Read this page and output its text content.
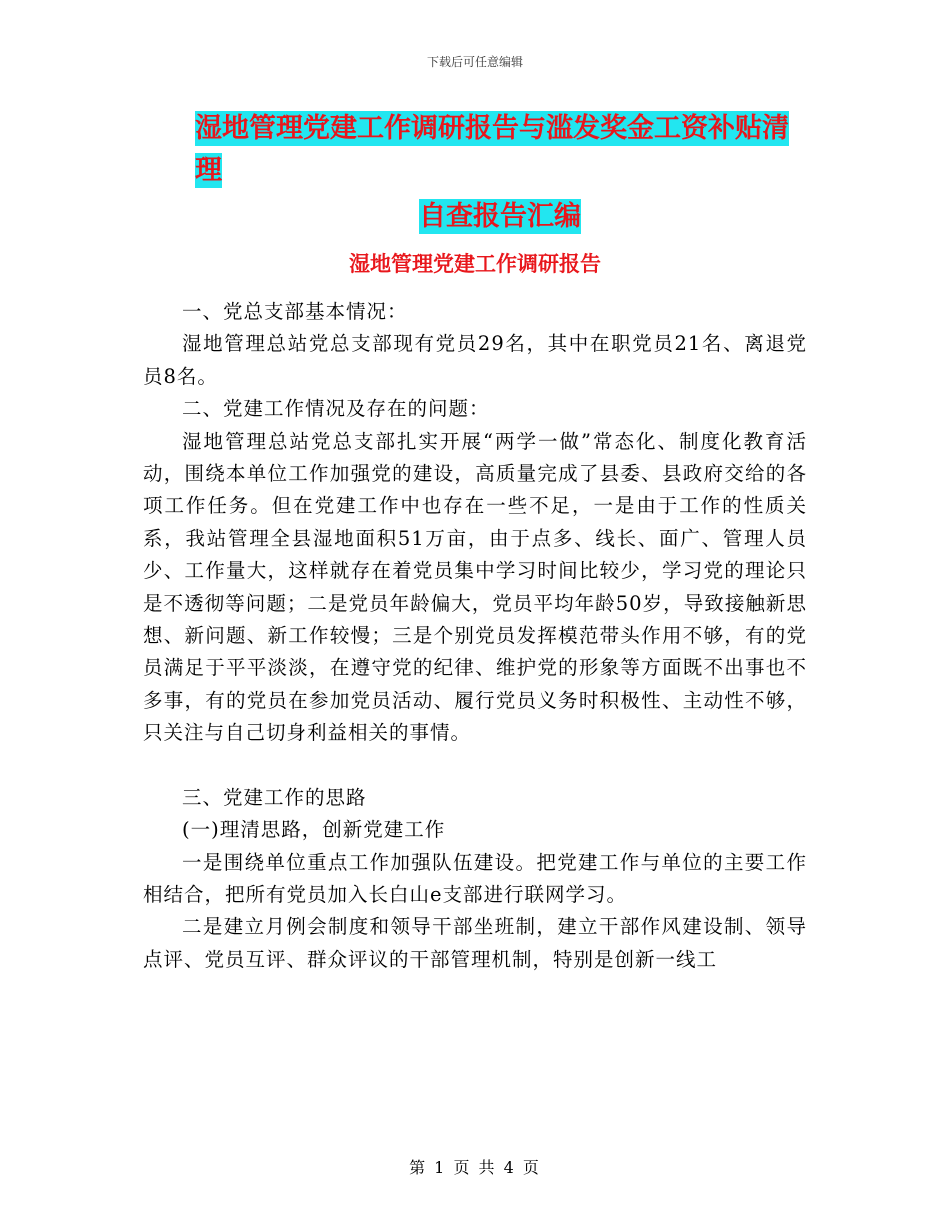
下载后可任意编辑
湿地管理党建工作调研报告与滥发奖金工资补贴清理
自查报告汇编
湿地管理党建工作调研报告

一、党总支部基本情况：

湿地管理总站党总支部现有党员29名，其中在职党员21名、离退党员8名。

二、党建工作情况及存在的问题：

湿地管理总站党总支部扎实开展“两学一做”常态化、制度化教育活动，围绕本单位工作加强党的建设，高质量完成了县委、县政府交给的各项工作任务。但在党建工作中也存在一些不足，一是由于工作的性质关系，我站管理全县湿地面积51万亩，由于点多、线长、面广、管理人员少、工作量大，这样就存在着党员集中学习时间比较少，学习党的理论只是不透彻等问题；二是党员年龄偏大，党员平均年龄50岁，导致接触新思想、新问题、新工作较慢；三是个别党员发挥模范带头作用不够，有的党员满足于平平淡淡，在遵守党的纪律、维护党的形象等方面既不出事也不多事，有的党员在参加党员活动、履行党员义务时积极性、主动性不够，只关注与自己切身利益相关的事情。

三、党建工作的思路

(一)理清思路，创新党建工作

一是围绕单位重点工作加强队伍建设。把党建工作与单位的主要工作相结合，把所有党员加入长白山e支部进行联网学习。

二是建立月例会制度和领导干部坐班制，建立干部作风建设制、领导点评、党员互评、群众评议的干部管理机制，特别是创新一线工

第 1 页 共 4 页
